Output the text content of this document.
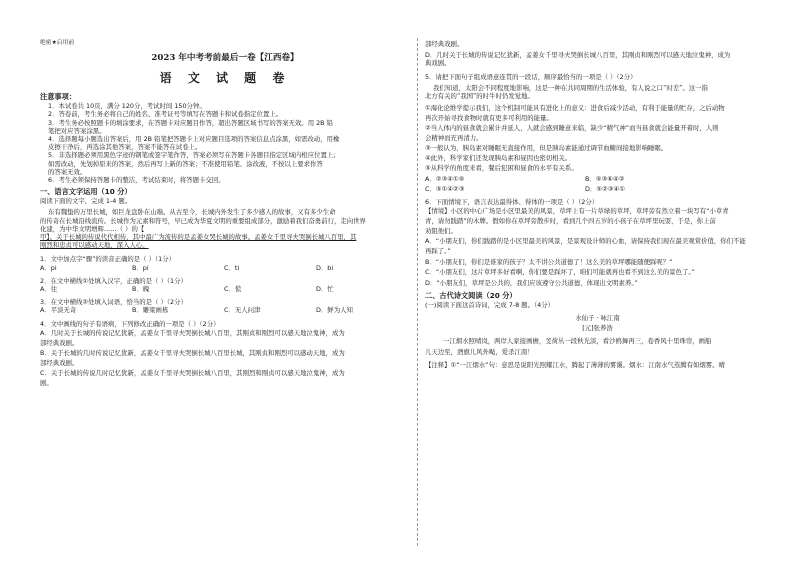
绝密★启用前
2023 年中考考前最后一卷【江西卷】
语 文 试 题 卷
注意事项：
1．本试卷共 10页，满分 120分，考试时间 150分钟。
2．答卷前，考生务必将自己的姓名、准考证号等填写在答题卡和试卷指定位置上。
3．考生务必按照题卡的填涂要求，在答题卡对应题目作答，超出答题区域书写的答案无效。用 2B 铅
笔把对应答案涂黑。
4．选择题每小题选出答案后，用 2B 铅笔把答题卡上对应题目选项的答案信息点涂黑，如需改动，用橡
皮擦干净后，再选涂其他答案，答案不能答在试卷上。
5．非选择题必须用黑色字迹的钢笔或签字笔作答，答案必须写在答题卡各题目指定区域内相应位置上；
如需改动，先划掉原来的答案，然后再写上新的答案；不准使用铅笔、涂改液，不按以上要求作答
的答案无效。
6．考生必须保持答题卡的整洁，考试结束时，将答题卡交回。
一、语言文字运用（10 分）
阅读下面的文字，完成 1-4 题。
东有魏蛰的万里长城，如巨龙盘卧在山巅。从古至今，长城内外发生了多少感人的故事，又有多少生命
的传奇在长城沿线流传。长城作为元素和符号，早已成为华夏文明的重要组成部分，激励着我们奋勇前行，走向世界
化建，为中华文明增辉……（ ）的【
甲】。关于长城的传说代代相传，其中最广为流传的是孟姜女哭长城的故事。孟姜女千里寻夫哭倒长城八百里，其
刚烈和忠贞可以感动天地，深入人心。
1．文中加点字“骤”的读音正确的是（ ）（1分）
A．pi	B．pi	C．ti	D．bi
2．在文中横线①处填入汉字，正确的是（ ）（1分）
A．往	B．魄	C．慌	D．忙
3．在文中横线②处填入词语，恰当的是（ ）（2分）
A．平淡无奇	B．雕梁画栋	C．无人问津	D．鲜为人知
4．文中画线的句子有语病，下列修改正确的一项是（ ）（2分）
A．几时关于长城的传说记忆犹新，孟姜女千里寻夫哭倒长城八百里，其刚贞和刚烈可以感天地泣鬼神，成为
部经典戏剧。
B．关于长城的几时传说记忆犹新，孟姜女千里寻夫哭倒长城八百里长城，其刚贞和刚烈可以感动天地，成为
部经典戏剧。
C．关于长城的传说几时记忆犹新，孟姜女千里寻夫哭倒长城八百里，其刚烈和刚贞可以感天地泣鬼神，成为
剧。
部经典戏剧。
D．几时关于长城的传说记忆犹新，孟姜女千里寻夫哭倒长城八百里，其刚贞和刚烈可以感天地泣鬼神，成为
典戏剧。
5．请把下面句子组成语意连贯的一段话，顺序最恰当的一项是（ ）（2分）
我们知道，太阳会不同程度地影响，这是一种在共同周期的生活体验，有人说之口“时差”。这一指
北方有关的“我国”的时牛时仍发觉地。
①海化论维学提示我们，这个机制可能具有进化上的意义：进食后减少活动，有利于能量的贮存，之后动物
再次开始寻找食物时就有更多可利用的能量。
②当人体内的昼食就会累计并延人，人就会感到睡意来临，缺少“精气神”而当昼食就会能量开着时，人则
会精神而充再清力。
③一般认为，胰岛素对睡眠无直接作用，但是胰岛素能通过调节血糖间接地影响睡眠。
④此外，科学家们还发现胰岛素和昼因也密切相关。
⑤从科学的角度来看，餐后犯困和昼食的水平有关系。
A．②③④①⑤	B．⑤③⑥④②
C．⑤①④②③	D．⑤②③④①
6．下面情境下，语言表达最得体、得体的一项是（ ）（2分）
【情境】小区的中心广场是小区里最美的风景，草坪上有一片草绿的草坪，草坪旁有然立着一块写有“小草青
青，请勿践踏”的木牌。假如你在草坪旁散步时，看到几个四五岁的小孩子在草坪里玩耍，于是，你上前
劝阻他们。
A．“小朋友们，你们践踏的是小区里最美的风景，是景观设计师的心血，请保持我们现在最美观赏价值，你们不能
再踩了。”
B．“小朋友们，你们是谁家的孩子？太不讲公共道德了！这么美的草坪哪能随便踩呢？”
C．“小朋友们，这片草坪多好看啊，你们要是踩坏了，咱们可能就再也看不到这么美的景色了。”
D．“小朋友们，草坪是公共的，我们应该遵守公共道德，体现出文明素养。”
二、古代诗文阅读（20 分）
(一)阅读下面这首诗词，完成 7-8 题。（4分）
水仙子 · 咏江南
[元]张养浩
一江烟水照晴岚，两岸人家接画檐，芰荷丛一段秋光淡，看沙鸥舞再三，卷香风十里珠帘，画船
儿天边至，酒旗儿风外飐，爱杀江南！
【注释】①“一江烟水”句：意思是说阳光照耀江水，腾起了薄薄的雾霭。烟水：江南水气蒸腾有如烟雾。晴
